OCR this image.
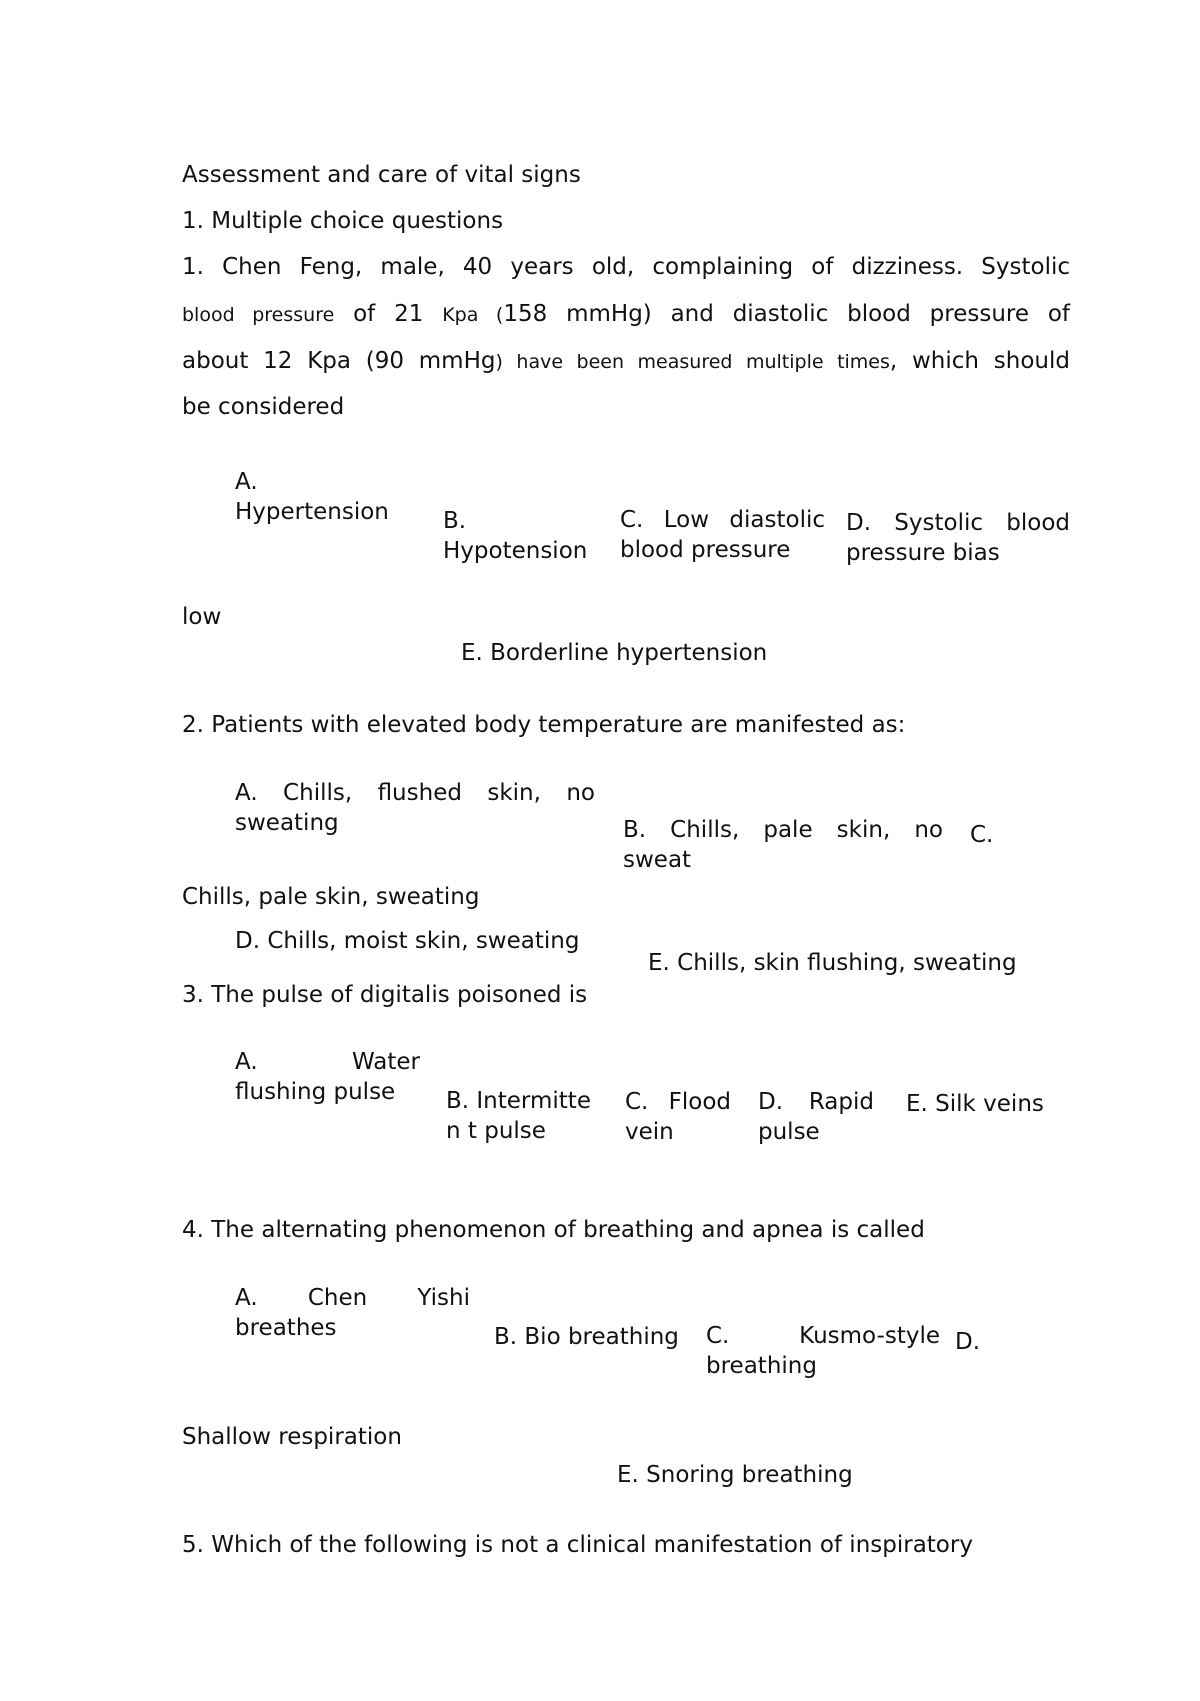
Assessment and care of vital signs
1. Multiple choice questions
1. Chen Feng, male, 40 years old, complaining of dizziness. Systolic
blood pressure of 21 Kpa (158 mmHg) and diastolic blood pressure of
about 12 Kpa (90 mmHg) have been measured multiple times, which should
be considered
A. Hypertension	B. Hypotension
C. Low diastolic blood pressure
D. Systolic blood pressure bias
low
E. Borderline hypertension
2. Patients with elevated body temperature are manifested as:
A. Chills, flushed skin, no sweating	B. Chills, pale skin, no sweat
C.
Chills, pale skin, sweating
D. Chills, moist skin, sweating
E. Chills, skin flushing, sweating
3. The pulse of digitalis poisoned is
A. Water flushing pulse	B. Intermitten t pulse
C. Flood vein
D. Rapid pulse
E. Silk veins
4. The alternating phenomenon of breathing and apnea is called
A. Chen Yishi breathes	B. Bio breathing C. Kusmo-style breathing
D.
Shallow respiration
E. Snoring breathing
5. Which of the following is not a clinical manifestation of inspiratory
